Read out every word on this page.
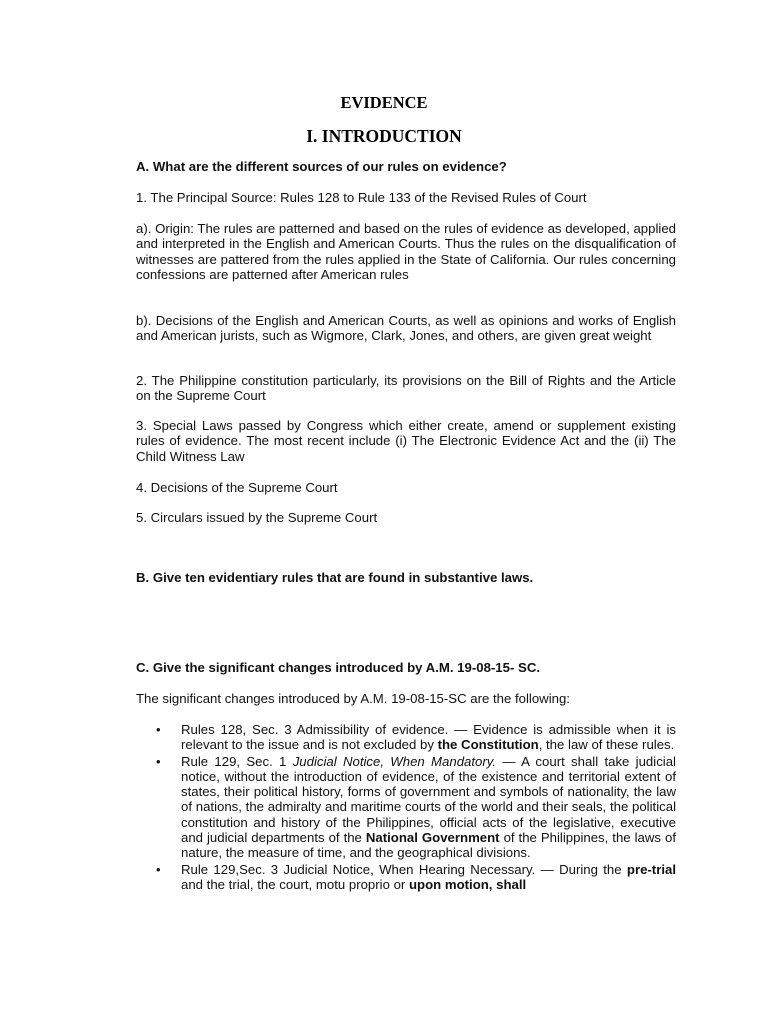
EVIDENCE
I. INTRODUCTION

A. What are the different sources of our rules on evidence?

1. The Principal Source: Rules 128 to Rule 133 of the Revised Rules of Court

a). Origin: The rules are patterned and based on the rules of evidence as developed, applied and interpreted in the English and American Courts. Thus the rules on the disqualification of witnesses are pattered from the rules applied in the State of California. Our rules concerning confessions are patterned after American rules

b). Decisions of the English and American Courts, as well as opinions and works of English and American jurists, such as Wigmore, Clark, Jones, and others, are given great weight

2. The Philippine constitution particularly, its provisions on the Bill of Rights and the Article on the Supreme Court

3. Special Laws passed by Congress which either create, amend or supplement existing rules of evidence. The most recent include (i) The Electronic Evidence Act and the (ii) The Child Witness Law

4. Decisions of the Supreme Court

5. Circulars issued by the Supreme Court

B. Give ten evidentiary rules that are found in substantive laws.

C. Give the significant changes introduced by A.M. 19-08-15- SC.

The significant changes introduced by A.M. 19-08-15-SC are the following:

• Rules 128, Sec. 3 Admissibility of evidence. — Evidence is admissible when it is relevant to the issue and is not excluded by the Constitution, the law of these rules.
• Rule 129, Sec. 1 Judicial Notice, When Mandatory. — A court shall take judicial notice, without the introduction of evidence, of the existence and territorial extent of states, their political history, forms of government and symbols of nationality, the law of nations, the admiralty and maritime courts of the world and their seals, the political constitution and history of the Philippines, official acts of the legislative, executive and judicial departments of the National Government of the Philippines, the laws of nature, the measure of time, and the geographical divisions.
• Rule 129,Sec. 3 Judicial Notice, When Hearing Necessary. — During the pre-trial and the trial, the court, motu proprio or upon motion, shall
